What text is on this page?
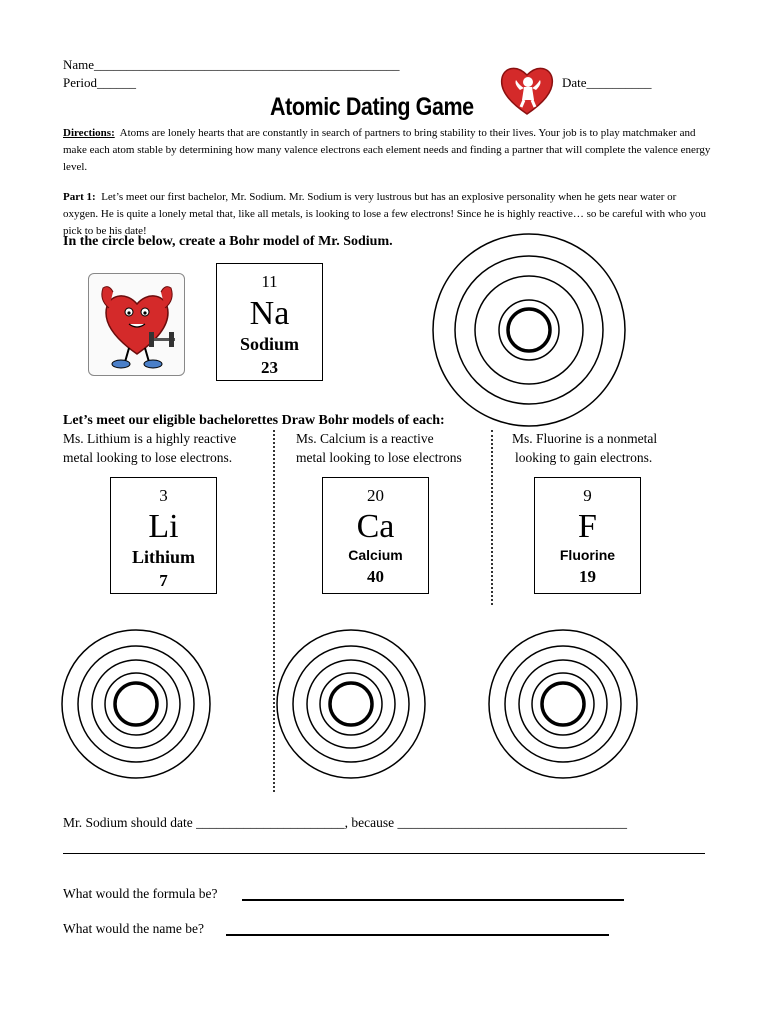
Name_______________________________________________
Period______	Date__________
Atomic Dating Game
Directions: Atoms are lonely hearts that are constantly in search of partners to bring stability to their lives. Your job is to play matchmaker and make each atom stable by determining how many valence electrons each element needs and finding a partner that will complete the valence energy level.
Part 1: Let’s meet our first bachelor, Mr. Sodium. Mr. Sodium is very lustrous but has an explosive personality when he gets near water or oxygen. He is quite a lonely metal that, like all metals, is looking to lose a few electrons! Since he is highly reactive… so be careful with who you pick to be his date!
In the circle below, create a Bohr model of Mr. Sodium.
11
Na
Sodium
23
Let’s meet our eligible bachelorettes Draw Bohr models of each:
Ms. Lithium is a highly reactive
metal looking to lose electrons.
Ms. Calcium is a reactive
metal looking to lose electrons
Ms. Fluorine is a nonmetal
looking to gain electrons.
3
Li
Lithium
7
20
Ca
Calcium
40
9
F
Fluorine
19
Mr. Sodium should date ______________________, because __________________________________
What would the formula be?
What would the name be?
